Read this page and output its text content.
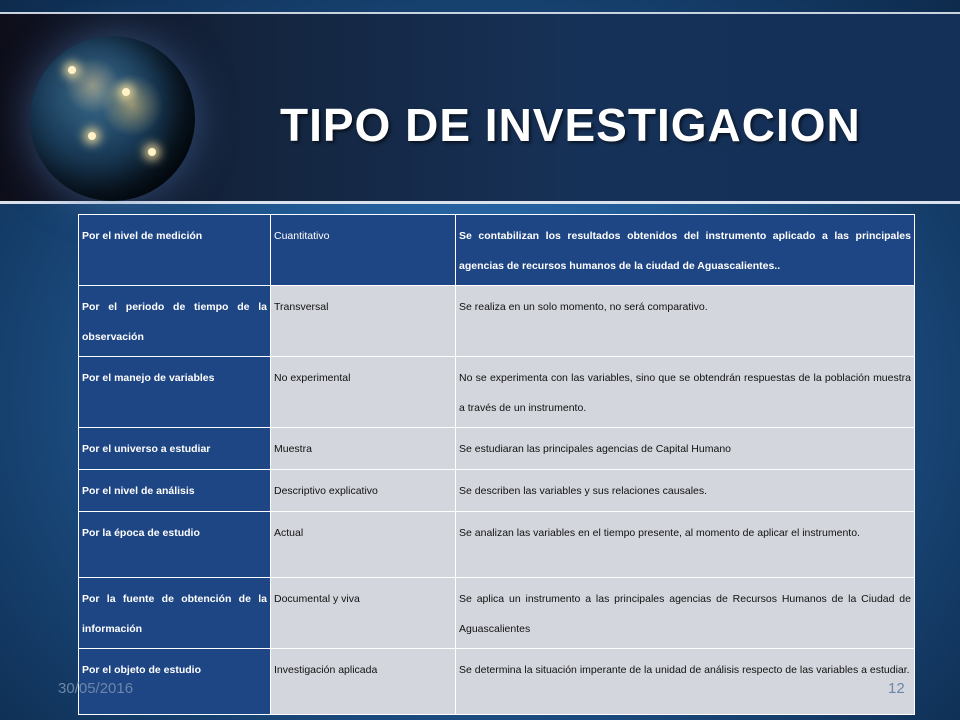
TIPO DE INVESTIGACION
Por el nivel de medición	Cuantitativo	Se contabilizan los resultados obtenidos del instrumento aplicado a las principales agencias de recursos humanos de la ciudad de Aguascalientes..
Por el periodo de tiempo de la observación	Transversal	Se realiza en un solo momento, no será comparativo.
Por el manejo de variables	No experimental	No se experimenta con las variables, sino que se obtendrán respuestas de la población muestra a través de un instrumento.
Por el universo a estudiar	Muestra	Se estudiaran las principales agencias de Capital Humano
Por el nivel de análisis	Descriptivo explicativo	Se describen las variables y sus relaciones causales.
Por la época de estudio	Actual	Se analizan las variables en el tiempo presente, al momento de aplicar el instrumento.
Por la fuente de obtención de la información	Documental y viva	Se aplica un instrumento a las principales agencias de Recursos Humanos de la Ciudad de Aguascalientes
Por el objeto de estudio	Investigación aplicada	Se determina la situación imperante de la unidad de análisis respecto de las variables a estudiar.
30/05/2016	12
